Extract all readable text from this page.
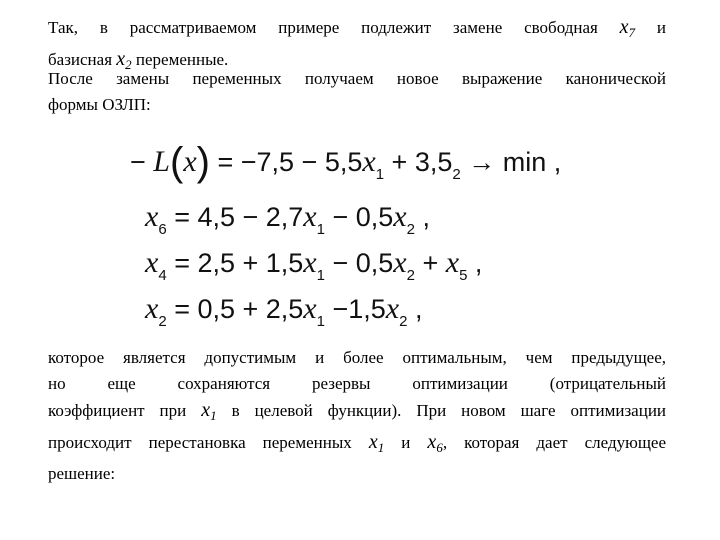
Так, в рассматриваемом примере подлежит замене свободная $x_7$ и
базисная $x_2$ переменные.
После замены переменных получаем новое выражение канонической
формы ОЗЛП:
− $L(x) = -7,5 - 5,5x_1 + 3,5_2 \to \min$ ,
$x_6 = 4,5 - 2,7x_1 - 0,5x_2$ ,
$x_4 = 2,5 + 1,5x_1 - 0,5x_2 + x_5$ ,
$x_2 = 0,5 + 2,5x_1 -1,5x_2$ ,
которое является допустимым и более оптимальным, чем предыдущее,
но еще сохраняются резервы оптимизации (отрицательный
коэффициент при $x_1$ в целевой функции). При новом шаге оптимизации
происходит перестановка переменных $x_1$ и $x_6$, которая дает следующее
решение:
